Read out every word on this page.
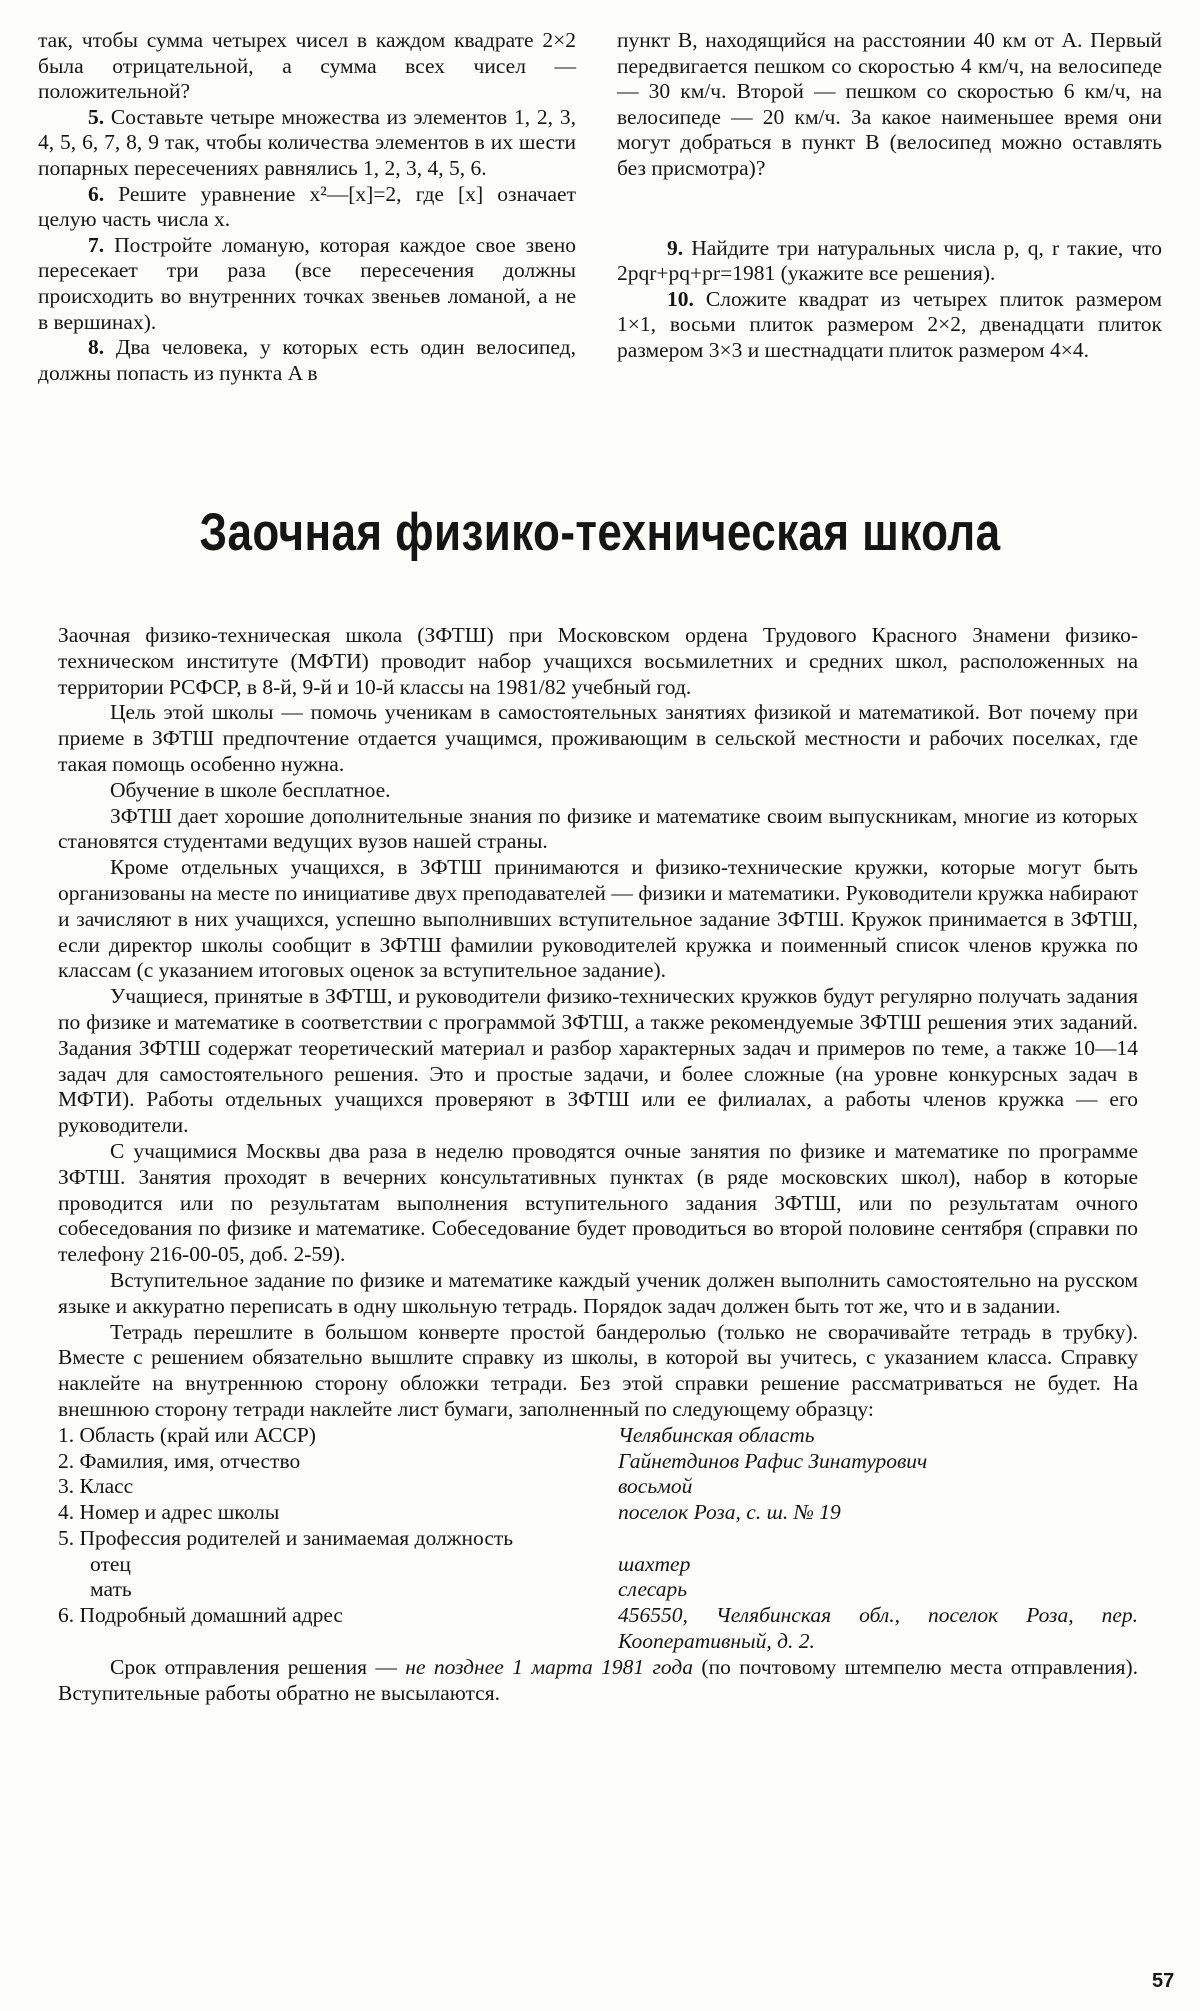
так, чтобы сумма четырех чисел в каждом квадрате 2×2 была отрицательной, а сумма всех чисел — положительной?

5. Составьте четыре множества из элементов 1, 2, 3, 4, 5, 6, 7, 8, 9 так, чтобы количества элементов в их шести попарных пересечениях равнялись 1, 2, 3, 4, 5, 6.

6. Решите уравнение x²—[x]=2, где [x] означает целую часть числа x.

7. Постройте ломаную, которая каждое свое звено пересекает три раза (все пересечения должны происходить во внутренних точках звеньев ломаной, а не в вершинах).

8. Два человека, у которых есть один велосипед, должны попасть из пункта A в

пункт B, находящийся на расстоянии 40 км от A. Первый передвигается пешком со скоростью 4 км/ч, на велосипеде — 30 км/ч. Второй — пешком со скоростью 6 км/ч, на велосипеде — 20 км/ч. За какое наименьшее время они могут добраться в пункт B (велосипед можно оставлять без присмотра)?

9. Найдите три натуральных числа p, q, r такие, что 2pqr+pq+pr=1981 (укажите все решения).

10. Сложите квадрат из четырех плиток размером 1×1, восьми плиток размером 2×2, двенадцати плиток размером 3×3 и шестнадцати плиток размером 4×4.

Заочная физико-техническая школа

Заочная физико-техническая школа (ЗФТШ) при Московском ордена Трудового Красного Знамени физико-техническом институте (МФТИ) проводит набор учащихся восьмилетних и средних школ, расположенных на территории РСФСР, в 8-й, 9-й и 10-й классы на 1981/82 учебный год.

Цель этой школы — помочь ученикам в самостоятельных занятиях физикой и математикой. Вот почему при приеме в ЗФТШ предпочтение отдается учащимся, проживающим в сельской местности и рабочих поселках, где такая помощь особенно нужна.

Обучение в школе бесплатное.

ЗФТШ дает хорошие дополнительные знания по физике и математике своим выпускникам, многие из которых становятся студентами ведущих вузов нашей страны.

Кроме отдельных учащихся, в ЗФТШ принимаются и физико-технические кружки, которые могут быть организованы на месте по инициативе двух преподавателей — физики и математики. Руководители кружка набирают и зачисляют в них учащихся, успешно выполнивших вступительное задание ЗФТШ. Кружок принимается в ЗФТШ, если директор школы сообщит в ЗФТШ фамилии руководителей кружка и поименный список членов кружка по классам (с указанием итоговых оценок за вступительное задание).

Учащиеся, принятые в ЗФТШ, и руководители физико-технических кружков будут регулярно получать задания по физике и математике в соответствии с программой ЗФТШ, а также рекомендуемые ЗФТШ решения этих заданий. Задания ЗФТШ содержат теоретический материал и разбор характерных задач и примеров по теме, а также 10—14 задач для самостоятельного решения. Это и простые задачи, и более сложные (на уровне конкурсных задач в МФТИ). Работы отдельных учащихся проверяют в ЗФТШ или ее филиалах, а работы членов кружка — его руководители.

С учащимися Москвы два раза в неделю проводятся очные занятия по физике и математике по программе ЗФТШ. Занятия проходят в вечерних консультативных пунктах (в ряде московских школ), набор в которые проводится или по результатам выполнения вступительного задания ЗФТШ, или по результатам очного собеседования по физике и математике. Собеседование будет проводиться во второй половине сентября (справки по телефону 216-00-05, доб. 2-59).

Вступительное задание по физике и математике каждый ученик должен выполнить самостоятельно на русском языке и аккуратно переписать в одну школьную тетрадь. Порядок задач должен быть тот же, что и в задании.

Тетрадь перешлите в большом конверте простой бандеролью (только не сворачивайте тетрадь в трубку). Вместе с решением обязательно вышлите справку из школы, в которой вы учитесь, с указанием класса. Справку наклейте на внутреннюю сторону обложки тетради. Без этой справки решение рассматриваться не будет. На внешнюю сторону тетради наклейте лист бумаги, заполненный по следующему образцу:

1. Область (край или АССР)	Челябинская область
2. Фамилия, имя, отчество	Гайнетдинов Рафис Зинатурович
3. Класс	восьмой
4. Номер и адрес школы	поселок Роза, с. ш. № 19
5. Профессия родителей и занимаемая должность
отец	шахтер
мать	слесарь
6. Подробный домашний адрес	456550, Челябинская обл., поселок Роза, пер. Кооперативный, д. 2.

Срок отправления решения — не позднее 1 марта 1981 года (по почтовому штемпелю места отправления). Вступительные работы обратно не высылаются.

57
